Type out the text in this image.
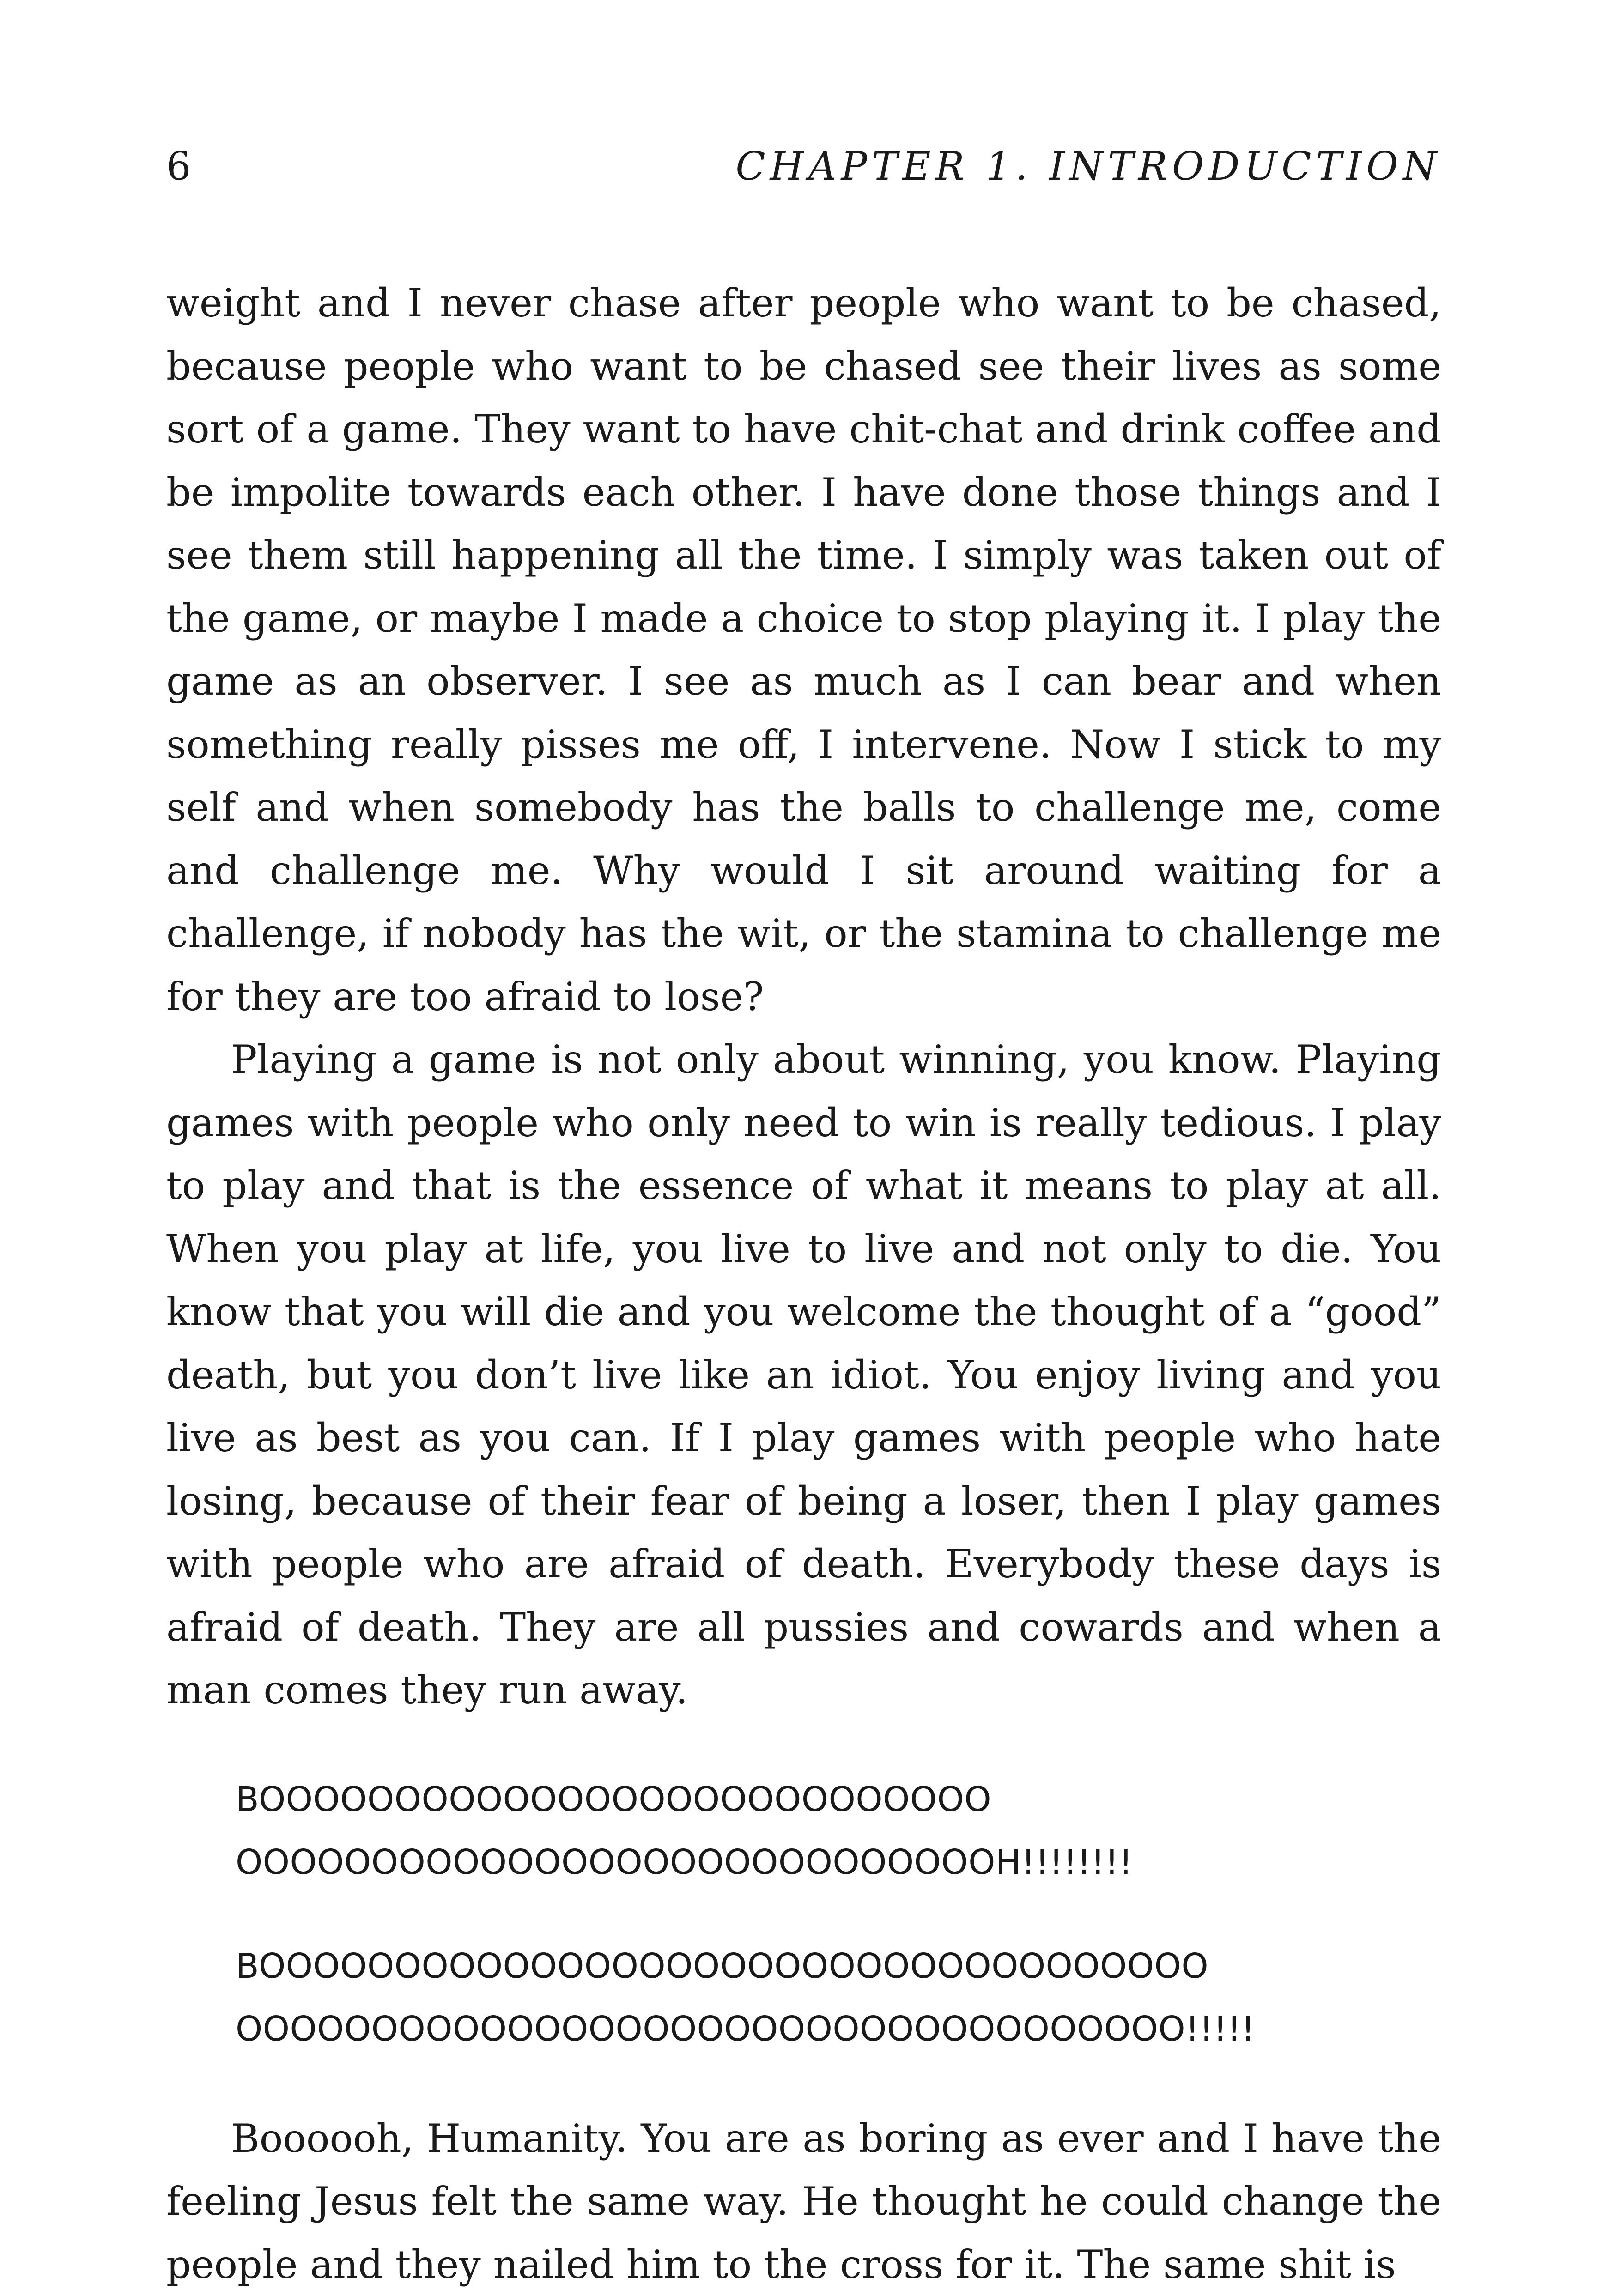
6	CHAPTER 1. INTRODUCTION

weight and I never chase after people who want to be chased, because people who want to be chased see their lives as some sort of a game. They want to have chit-chat and drink coffee and be impolite towards each other. I have done those things and I see them still happening all the time. I simply was taken out of the game, or maybe I made a choice to stop playing it. I play the game as an observer. I see as much as I can bear and when something really pisses me off, I intervene. Now I stick to my self and when somebody has the balls to challenge me, come and challenge me. Why would I sit around waiting for a challenge, if nobody has the wit, or the stamina to challenge me for they are too afraid to lose?

Playing a game is not only about winning, you know. Playing games with people who only need to win is really tedious. I play to play and that is the essence of what it means to play at all. When you play at life, you live to live and not only to die. You know that you will die and you welcome the thought of a “good” death, but you don’t live like an idiot. You enjoy living and you live as best as you can. If I play games with people who hate losing, because of their fear of being a loser, then I play games with people who are afraid of death. Everybody these days is afraid of death. They are all pussies and cowards and when a man comes they run away.

BOOOOOOOOOOOOOOOOOOOOOOOOOOO

OOOOOOOOOOOOOOOOOOOOOOOOOOOOH!!!!!!!!

BOOOOOOOOOOOOOOOOOOOOOOOOOOOOOOOOOOO

OOOOOOOOOOOOOOOOOOOOOOOOOOOOOOOOOOO!!!!!

Boooooh, Humanity. You are as boring as ever and I have the feeling Jesus felt the same way. He thought he could change the people and they nailed him to the cross for it. The same shit is
